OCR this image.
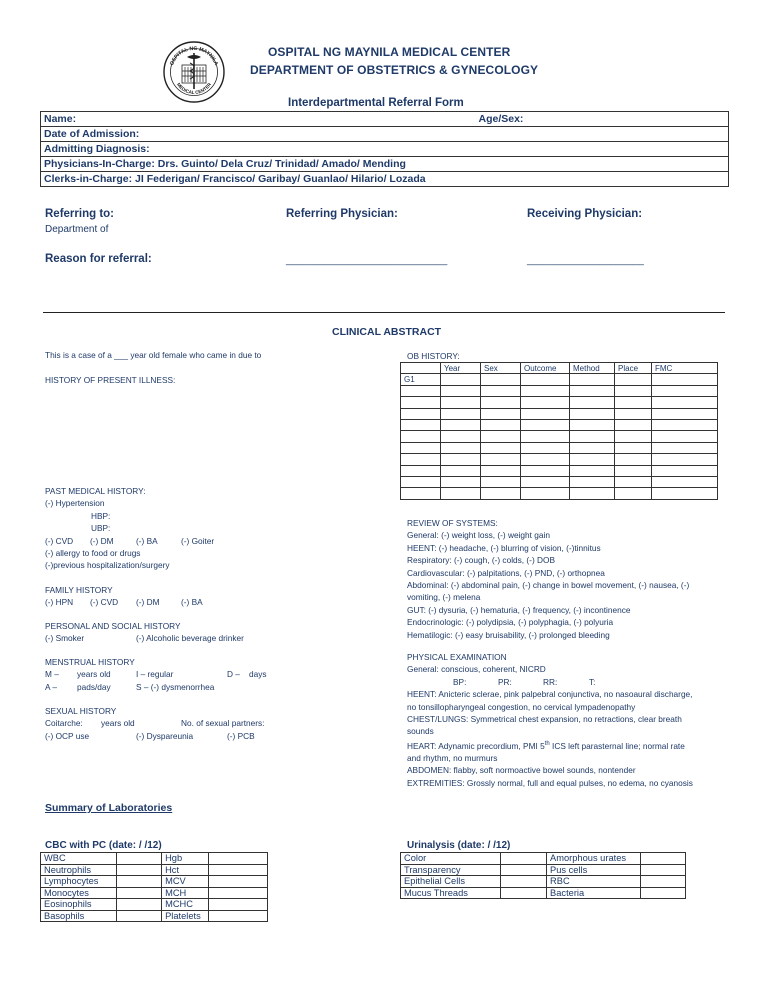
OSPITAL NG MAYNILA
MEDICAL CENTER
OSPITAL NG MAYNILA MEDICAL CENTER
DEPARTMENT OF OBSTETRICS & GYNECOLOGY
Interdepartmental Referral Form
Name:	Age/Sex:

Date of Admission:
Admitting Diagnosis:
Physicians-In-Charge: Drs. Guinto/ Dela Cruz/ Trinidad/ Amado/ Mending
Clerks-in-Charge: JI Federigan/ Francisco/ Garibay/ Guanlao/ Hilario/ Lozada
Referring to:
Department of
Referring Physician:	Receiving Physician:
Reason for referral:	_____________________________	_____________________
CLINICAL ABSTRACT
This is a case of a ___ year old female who came in due to
HISTORY OF PRESENT ILLNESS:
PAST MEDICAL HISTORY:
(-) Hypertension
HBP:
UBP:
(-) CVD (-) DM	(-) BA	(-) Goiter
(-) allergy to food or drugs
(-)previous hospitalization/surgery
FAMILY HISTORY
(-) HPN (-) CVD (-) DM	(-) BA
PERSONAL AND SOCIAL HISTORY
(-) Smoker	(-) Alcoholic beverage drinker
MENSTRUAL HISTORY
M – years old	I – regular	D – days
A – pads/day	S – (-) dysmenorrhea
SEXUAL HISTORY
Coitarche: years old	No. of sexual partners:
(-) OCP use	(-) Dyspareunia	(-) PCB
OB HISTORY:
	Year	Sex	Outcome	Method	Place	FMC
G1						

REVIEW OF SYSTEMS:
General: (-) weight loss, (-) weight gain
HEENT: (-) headache, (-) blurring of vision, (-)tinnitus
Respiratory: (-) cough, (-) colds, (-) DOB
Cardiovascular: (-) palpitations, (-) PND, (-) orthopnea
Abdominal: (-) abdominal pain, (-) change in bowel movement, (-) nausea, (-)
vomiting, (-) melena
GUT: (-) dysuria, (-) hematuria, (-) frequency, (-) incontinence
Endocrinologic: (-) polydipsia, (-) polyphagia, (-) polyuria
Hematilogic: (-) easy bruisability, (-) prolonged bleeding
PHYSICAL EXAMINATION
General: conscious, coherent, NICRD
BP:	PR:	RR:	T:
HEENT: Anicteric sclerae, pink palpebral conjunctiva, no nasoaural discharge,
no tonsillopharyngeal congestion, no cervical lympadenopathy
CHEST/LUNGS: Symmetrical chest expansion, no retractions, clear breath
sounds
HEART: Adynamic precordium, PMI 5th ICS left parasternal line; normal rate
and rhythm, no murmurs
ABDOMEN: flabby, soft normoactive bowel sounds, nontender
EXTREMITIES: Grossly normal, full and equal pulses, no edema, no cyanosis
Summary of Laboratories
CBC with PC (date: / /12)
WBC		Hgb	
Neutrophils		Hct	
Lymphocytes		MCV	
Monocytes		MCH	
Eosinophils		MCHC	
Basophils		Platelets	
Urinalysis (date: / /12)
Color		Amorphous urates	
Transparency		Pus cells	
Epithelial Cells		RBC	
Mucus Threads		Bacteria	
